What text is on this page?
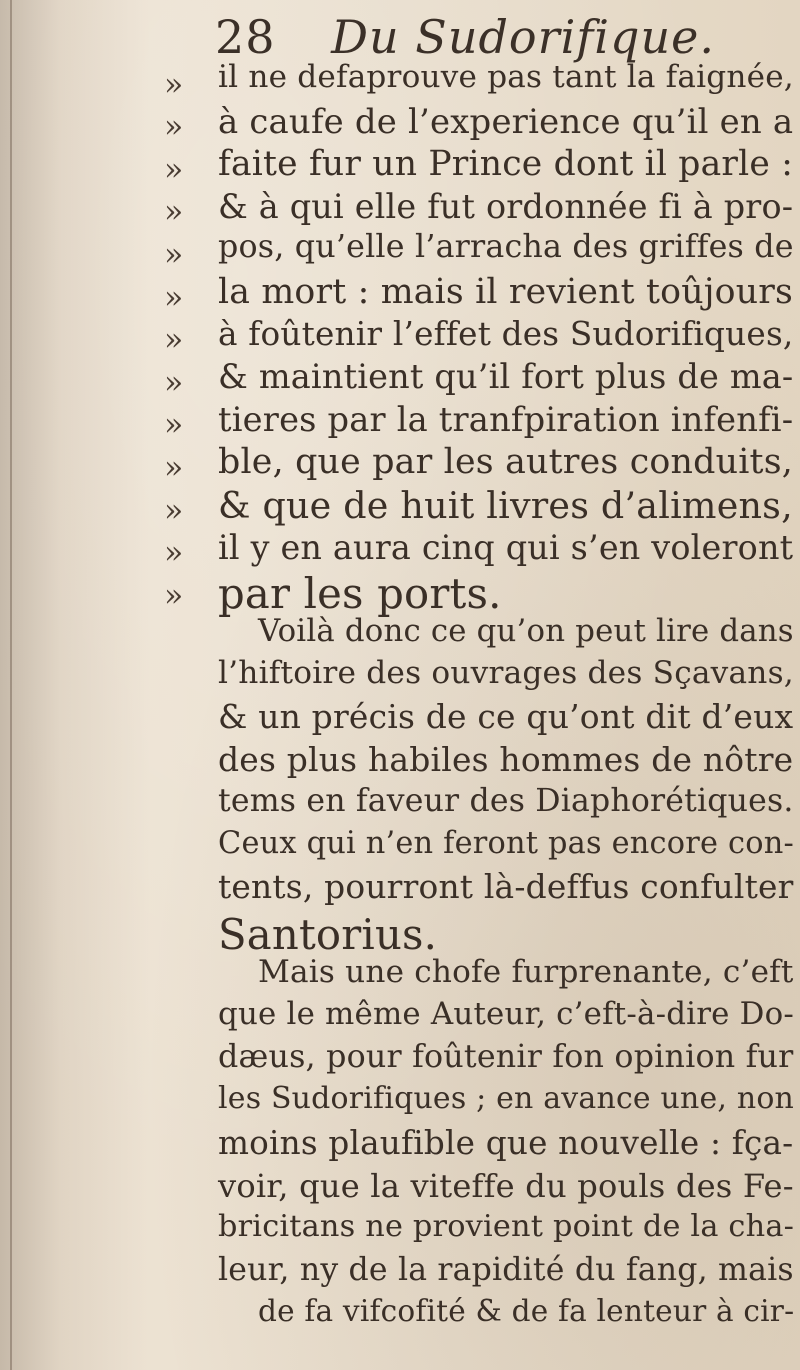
28 Du Sudorifique.
» il ne defaprouve pas tant la faignée,
» à caufe de l’experience qu’il en a
» faite fur un Prince dont il parle :
» & à qui elle fut ordonnée fi à pro-
» pos, qu’elle l’arracha des griffes de
» la mort : mais il revient toûjours
» à foûtenir l’effet des Sudorifiques,
» & maintient qu’il fort plus de ma-
» tieres par la tranfpiration infenfi-
» ble, que par les autres conduits,
» & que de huit livres d’alimens,
» il y en aura cinq qui s’en voleront
» par les ports.
Voilà donc ce qu’on peut lire dans
l’hiftoire des ouvrages des Sçavans,
& un précis de ce qu’ont dit d’eux
des plus habiles hommes de nôtre
tems en faveur des Diaphorétiques.
Ceux qui n’en feront pas encore con-
tents, pourront là-deffus confulter
Santorius.
Mais une chofe furprenante, c’eft
que le même Auteur, c’eft-à-dire Do-
dæus, pour foûtenir fon opinion fur
les Sudorifiques ; en avance une, non
moins plaufible que nouvelle : fça-
voir, que la viteffe du pouls des Fe-
bricitans ne provient point de la cha-
leur, ny de la rapidité du fang, mais
de fa vifcofité & de fa lenteur à cir-
